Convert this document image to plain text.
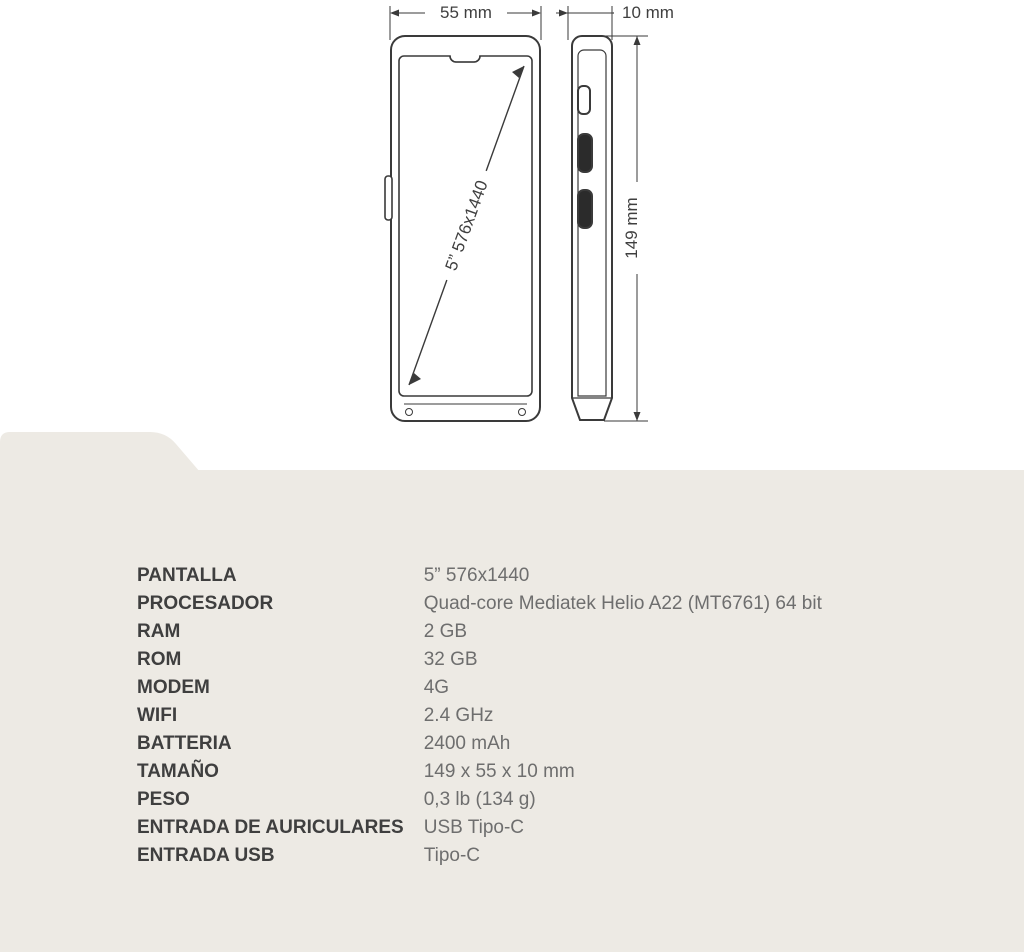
55 mm	10 mm
149 mm
5” 576x1440
PANTALLA	5” 576x1440
PROCESADOR	Quad-core Mediatek Helio A22 (MT6761) 64 bit
RAM	2 GB
ROM	32 GB
MODEM	4G
WIFI	2.4 GHz
BATTERIA	2400 mAh
TAMAÑO	149 x 55 x 10 mm
PESO	0,3 lb (134 g)
ENTRADA DE AURICULARES	USB Tipo-C
ENTRADA USB	Tipo-C
